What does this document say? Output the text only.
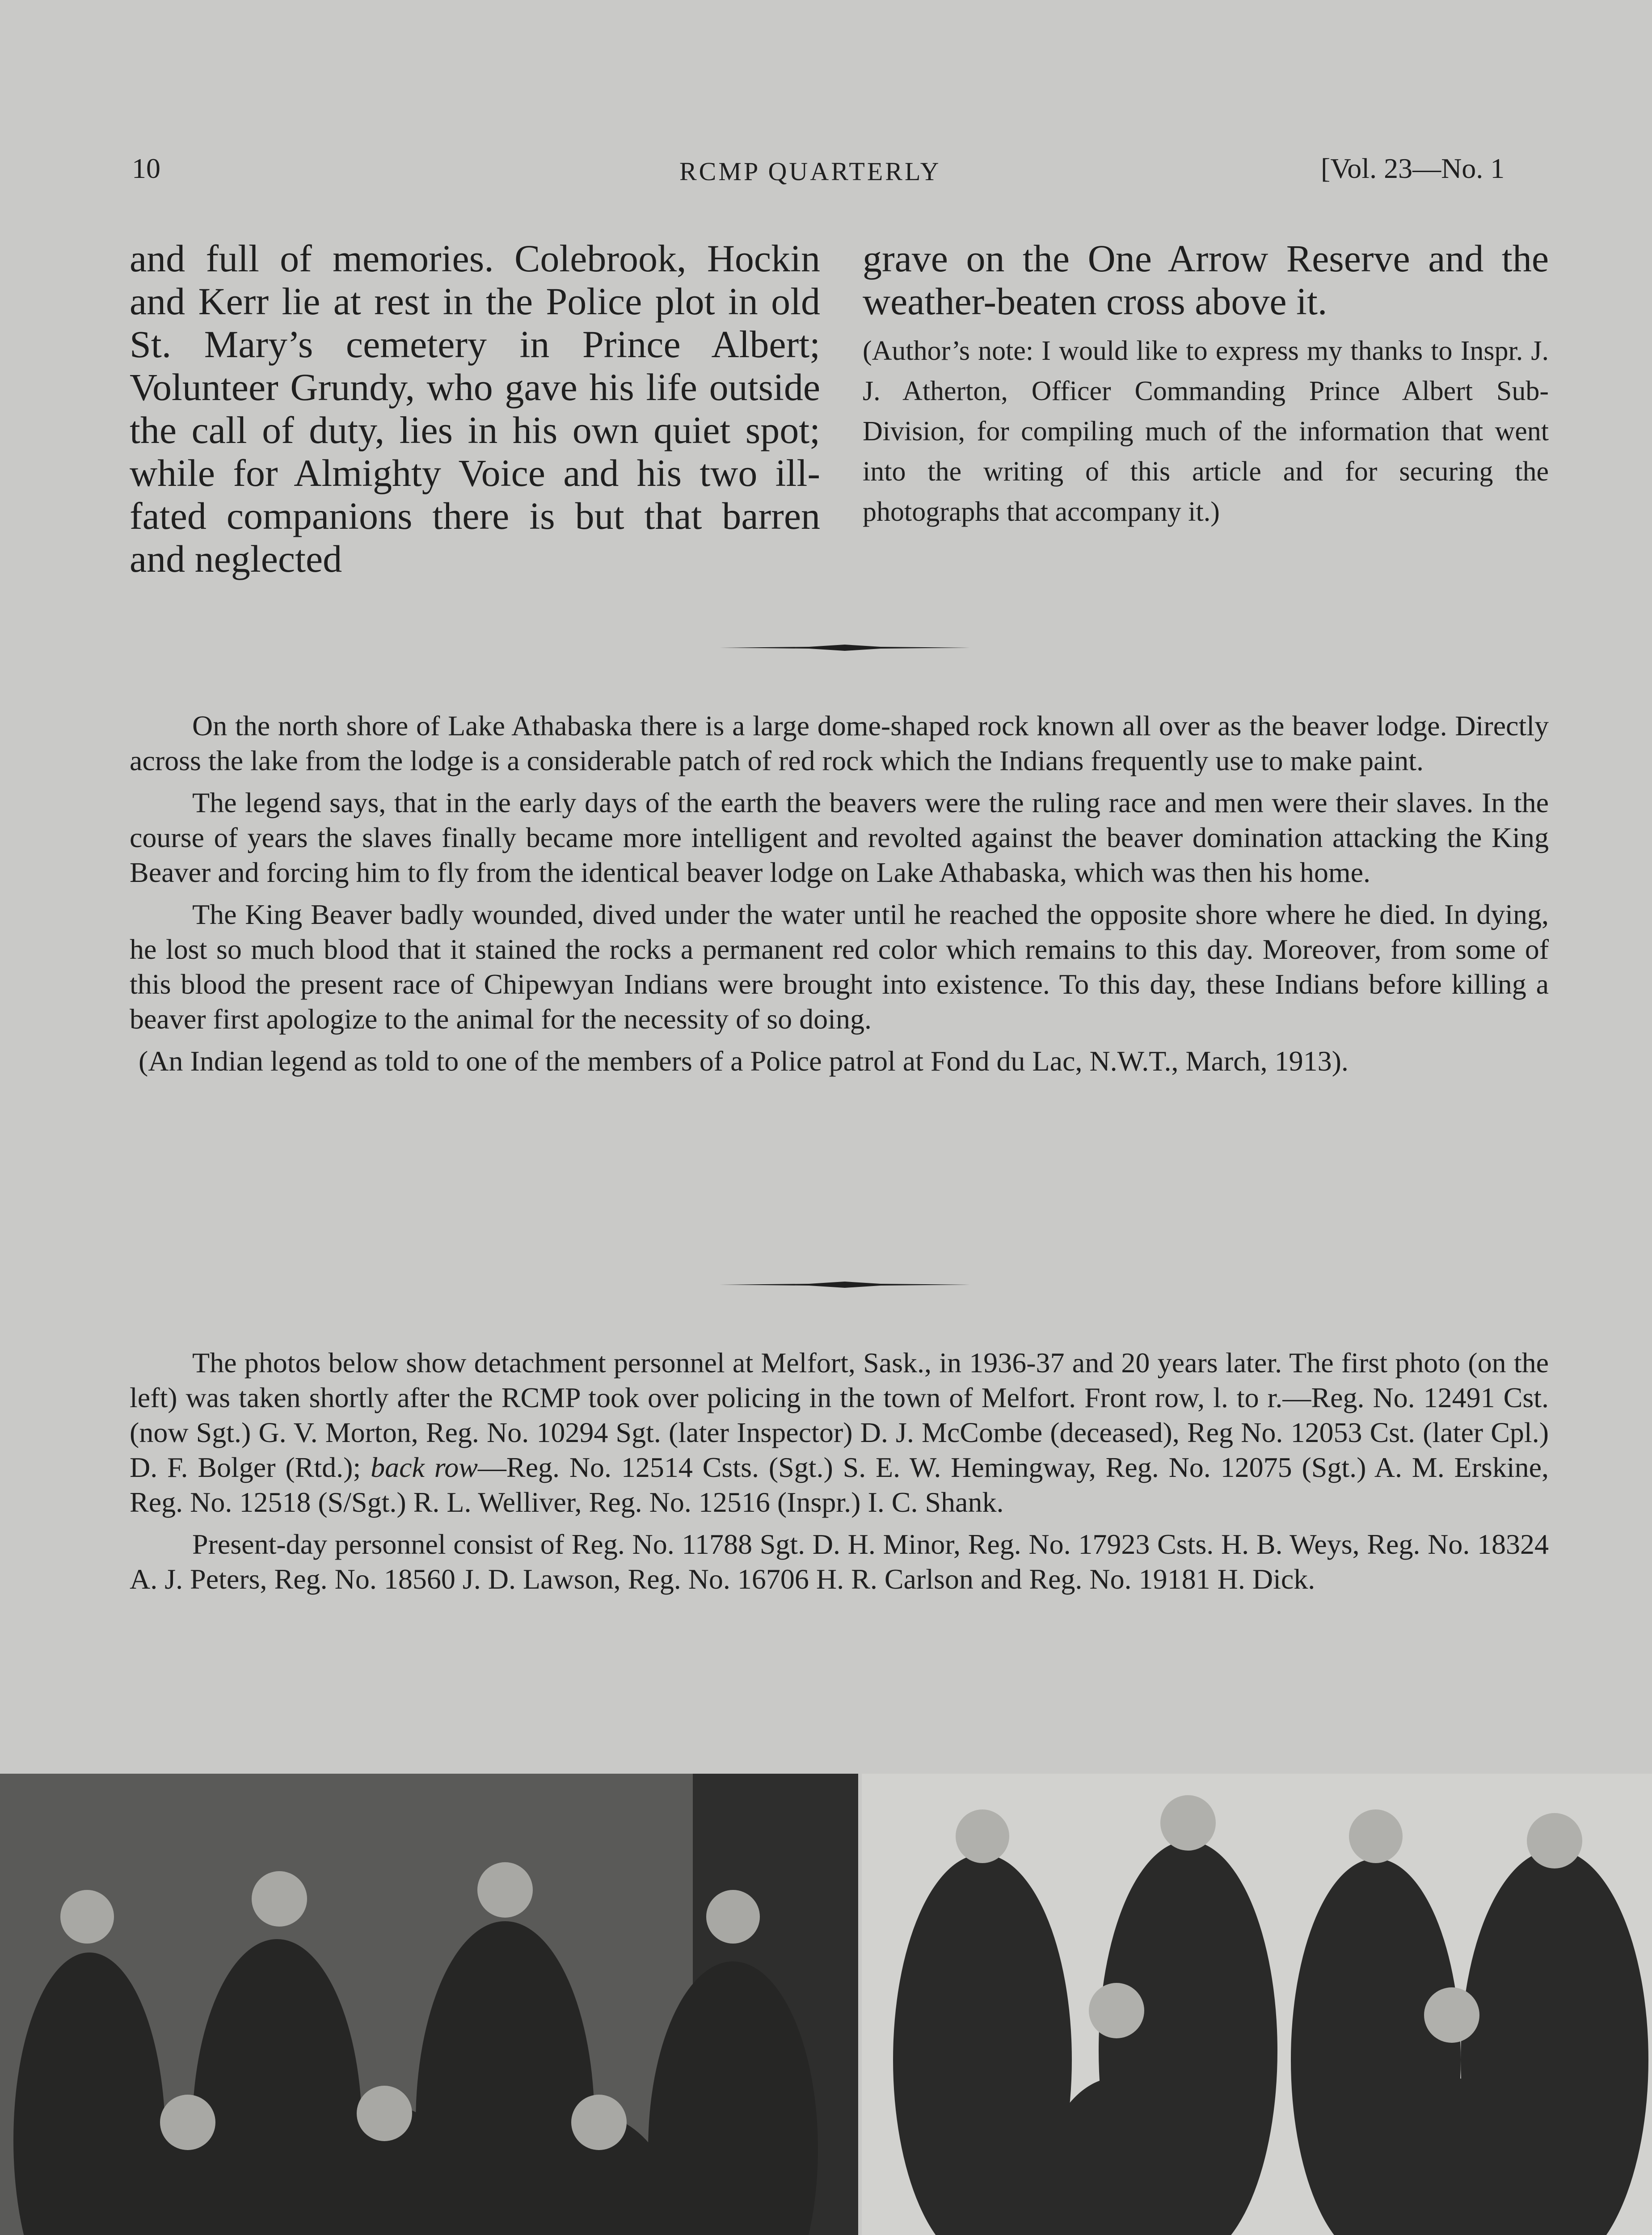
10	RCMP QUARTERLY	[Vol. 23—No. 1
and full of memories. Colebrook, Hockin and Kerr lie at rest in the Police plot in old St. Mary’s cemetery in Prince Albert; Volunteer Grundy, who gave his life outside the call of duty, lies in his own quiet spot; while for Almighty Voice and his two ill-fated companions there is but that barren and neglected

grave on the One Arrow Reserve and the weather-beaten cross above it.

(Author’s note: I would like to express my thanks to Inspr. J. J. Atherton, Officer Commanding Prince Albert Sub-Division, for compiling much of the information that went into the writing of this article and for securing the photographs that accompany it.)

On the north shore of Lake Athabaska there is a large dome-shaped rock known all over as the beaver lodge. Directly across the lake from the lodge is a considerable patch of red rock which the Indians frequently use to make paint.

The legend says, that in the early days of the earth the beavers were the ruling race and men were their slaves. In the course of years the slaves finally became more intelligent and revolted against the beaver domination attacking the King Beaver and forcing him to fly from the identical beaver lodge on Lake Athabaska, which was then his home.

The King Beaver badly wounded, dived under the water until he reached the opposite shore where he died. In dying, he lost so much blood that it stained the rocks a permanent red color which remains to this day. Moreover, from some of this blood the present race of Chipewyan Indians were brought into existence. To this day, these Indians before killing a beaver first apologize to the animal for the necessity of so doing.

(An Indian legend as told to one of the members of a Police patrol at Fond du Lac, N.W.T., March, 1913).

The photos below show detachment personnel at Melfort, Sask., in 1936-37 and 20 years later. The first photo (on the left) was taken shortly after the RCMP took over policing in the town of Melfort. Front row, l. to r.—Reg. No. 12491 Cst. (now Sgt.) G. V. Morton, Reg. No. 10294 Sgt. (later Inspector) D. J. McCombe (deceased), Reg No. 12053 Cst. (later Cpl.) D. F. Bolger (Rtd.); back row—Reg. No. 12514 Csts. (Sgt.) S. E. W. Hemingway, Reg. No. 12075 (Sgt.) A. M. Erskine, Reg. No. 12518 (S/Sgt.) R. L. Welliver, Reg. No. 12516 (Inspr.) I. C. Shank.

Present-day personnel consist of Reg. No. 11788 Sgt. D. H. Minor, Reg. No. 17923 Csts. H. B. Weys, Reg. No. 18324 A. J. Peters, Reg. No. 18560 J. D. Lawson, Reg. No. 16706 H. R. Carlson and Reg. No. 19181 H. Dick.
